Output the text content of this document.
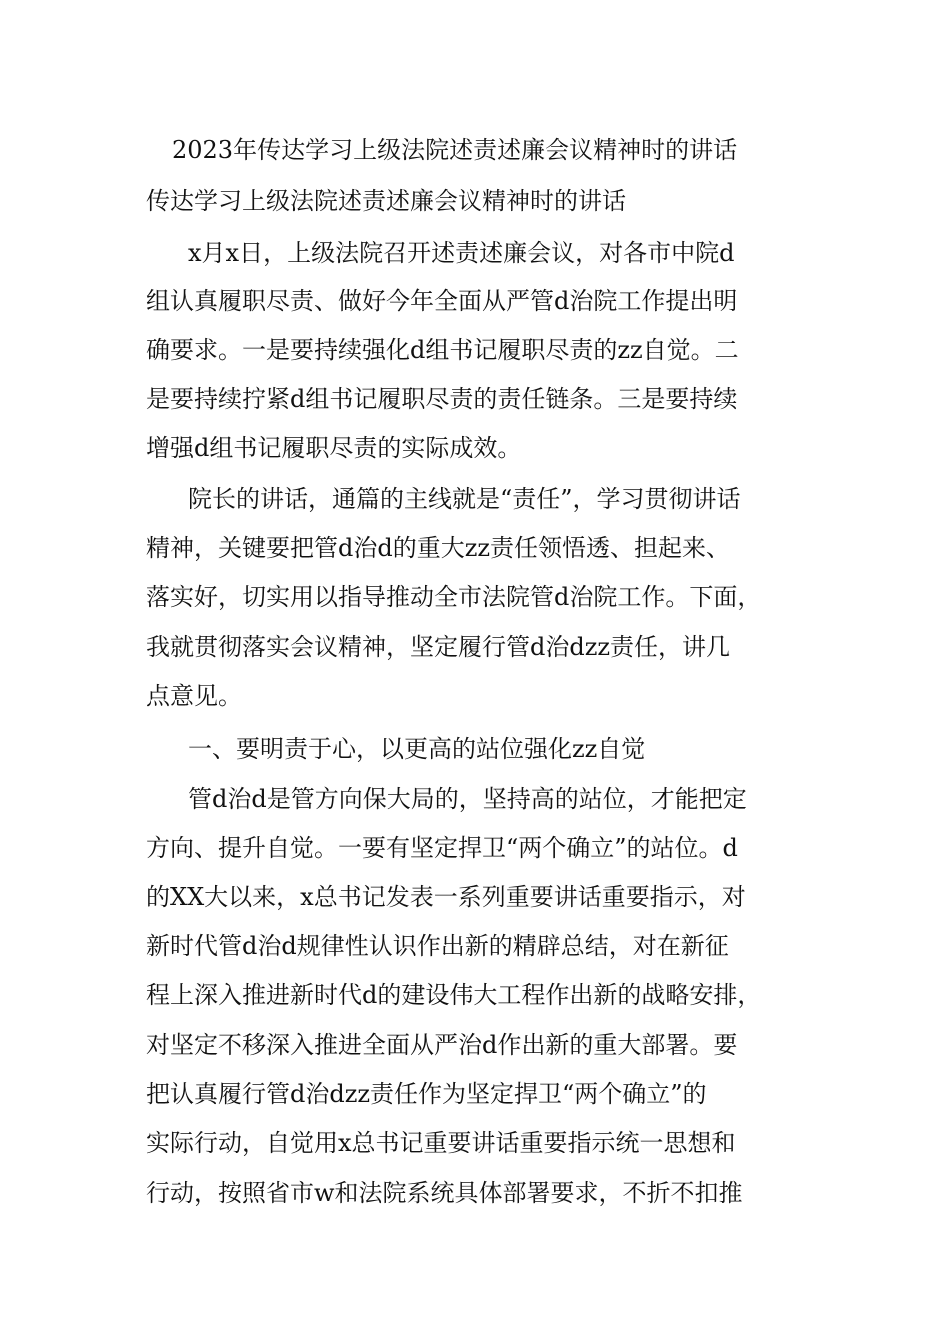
2023年传达学习上级法院述责述廉会议精神时的讲话
传达学习上级法院述责述廉会议精神时的讲话
x月x日，上级法院召开述责述廉会议，对各市中院d
组认真履职尽责、做好今年全面从严管d治院工作提出明
确要求。一是要持续强化d组书记履职尽责的zz自觉。二
是要持续拧紧d组书记履职尽责的责任链条。三是要持续
增强d组书记履职尽责的实际成效。
院长的讲话，通篇的主线就是“责任”，学习贯彻讲话
精神，关键要把管d治d的重大zz责任领悟透、担起来、
落实好，切实用以指导推动全市法院管d治院工作。下面，
我就贯彻落实会议精神，坚定履行管d治dzz责任，讲几
点意见。
一、要明责于心，以更高的站位强化zz自觉
管d治d是管方向保大局的，坚持高的站位，才能把定
方向、提升自觉。一要有坚定捍卫“两个确立”的站位。d
的XX大以来，x总书记发表一系列重要讲话重要指示，对
新时代管d治d规律性认识作出新的精辟总结，对在新征
程上深入推进新时代d的建设伟大工程作出新的战略安排，
对坚定不移深入推进全面从严治d作出新的重大部署。要
把认真履行管d治dzz责任作为坚定捍卫“两个确立”的
实际行动，自觉用x总书记重要讲话重要指示统一思想和
行动，按照省市w和法院系统具体部署要求，不折不扣推
